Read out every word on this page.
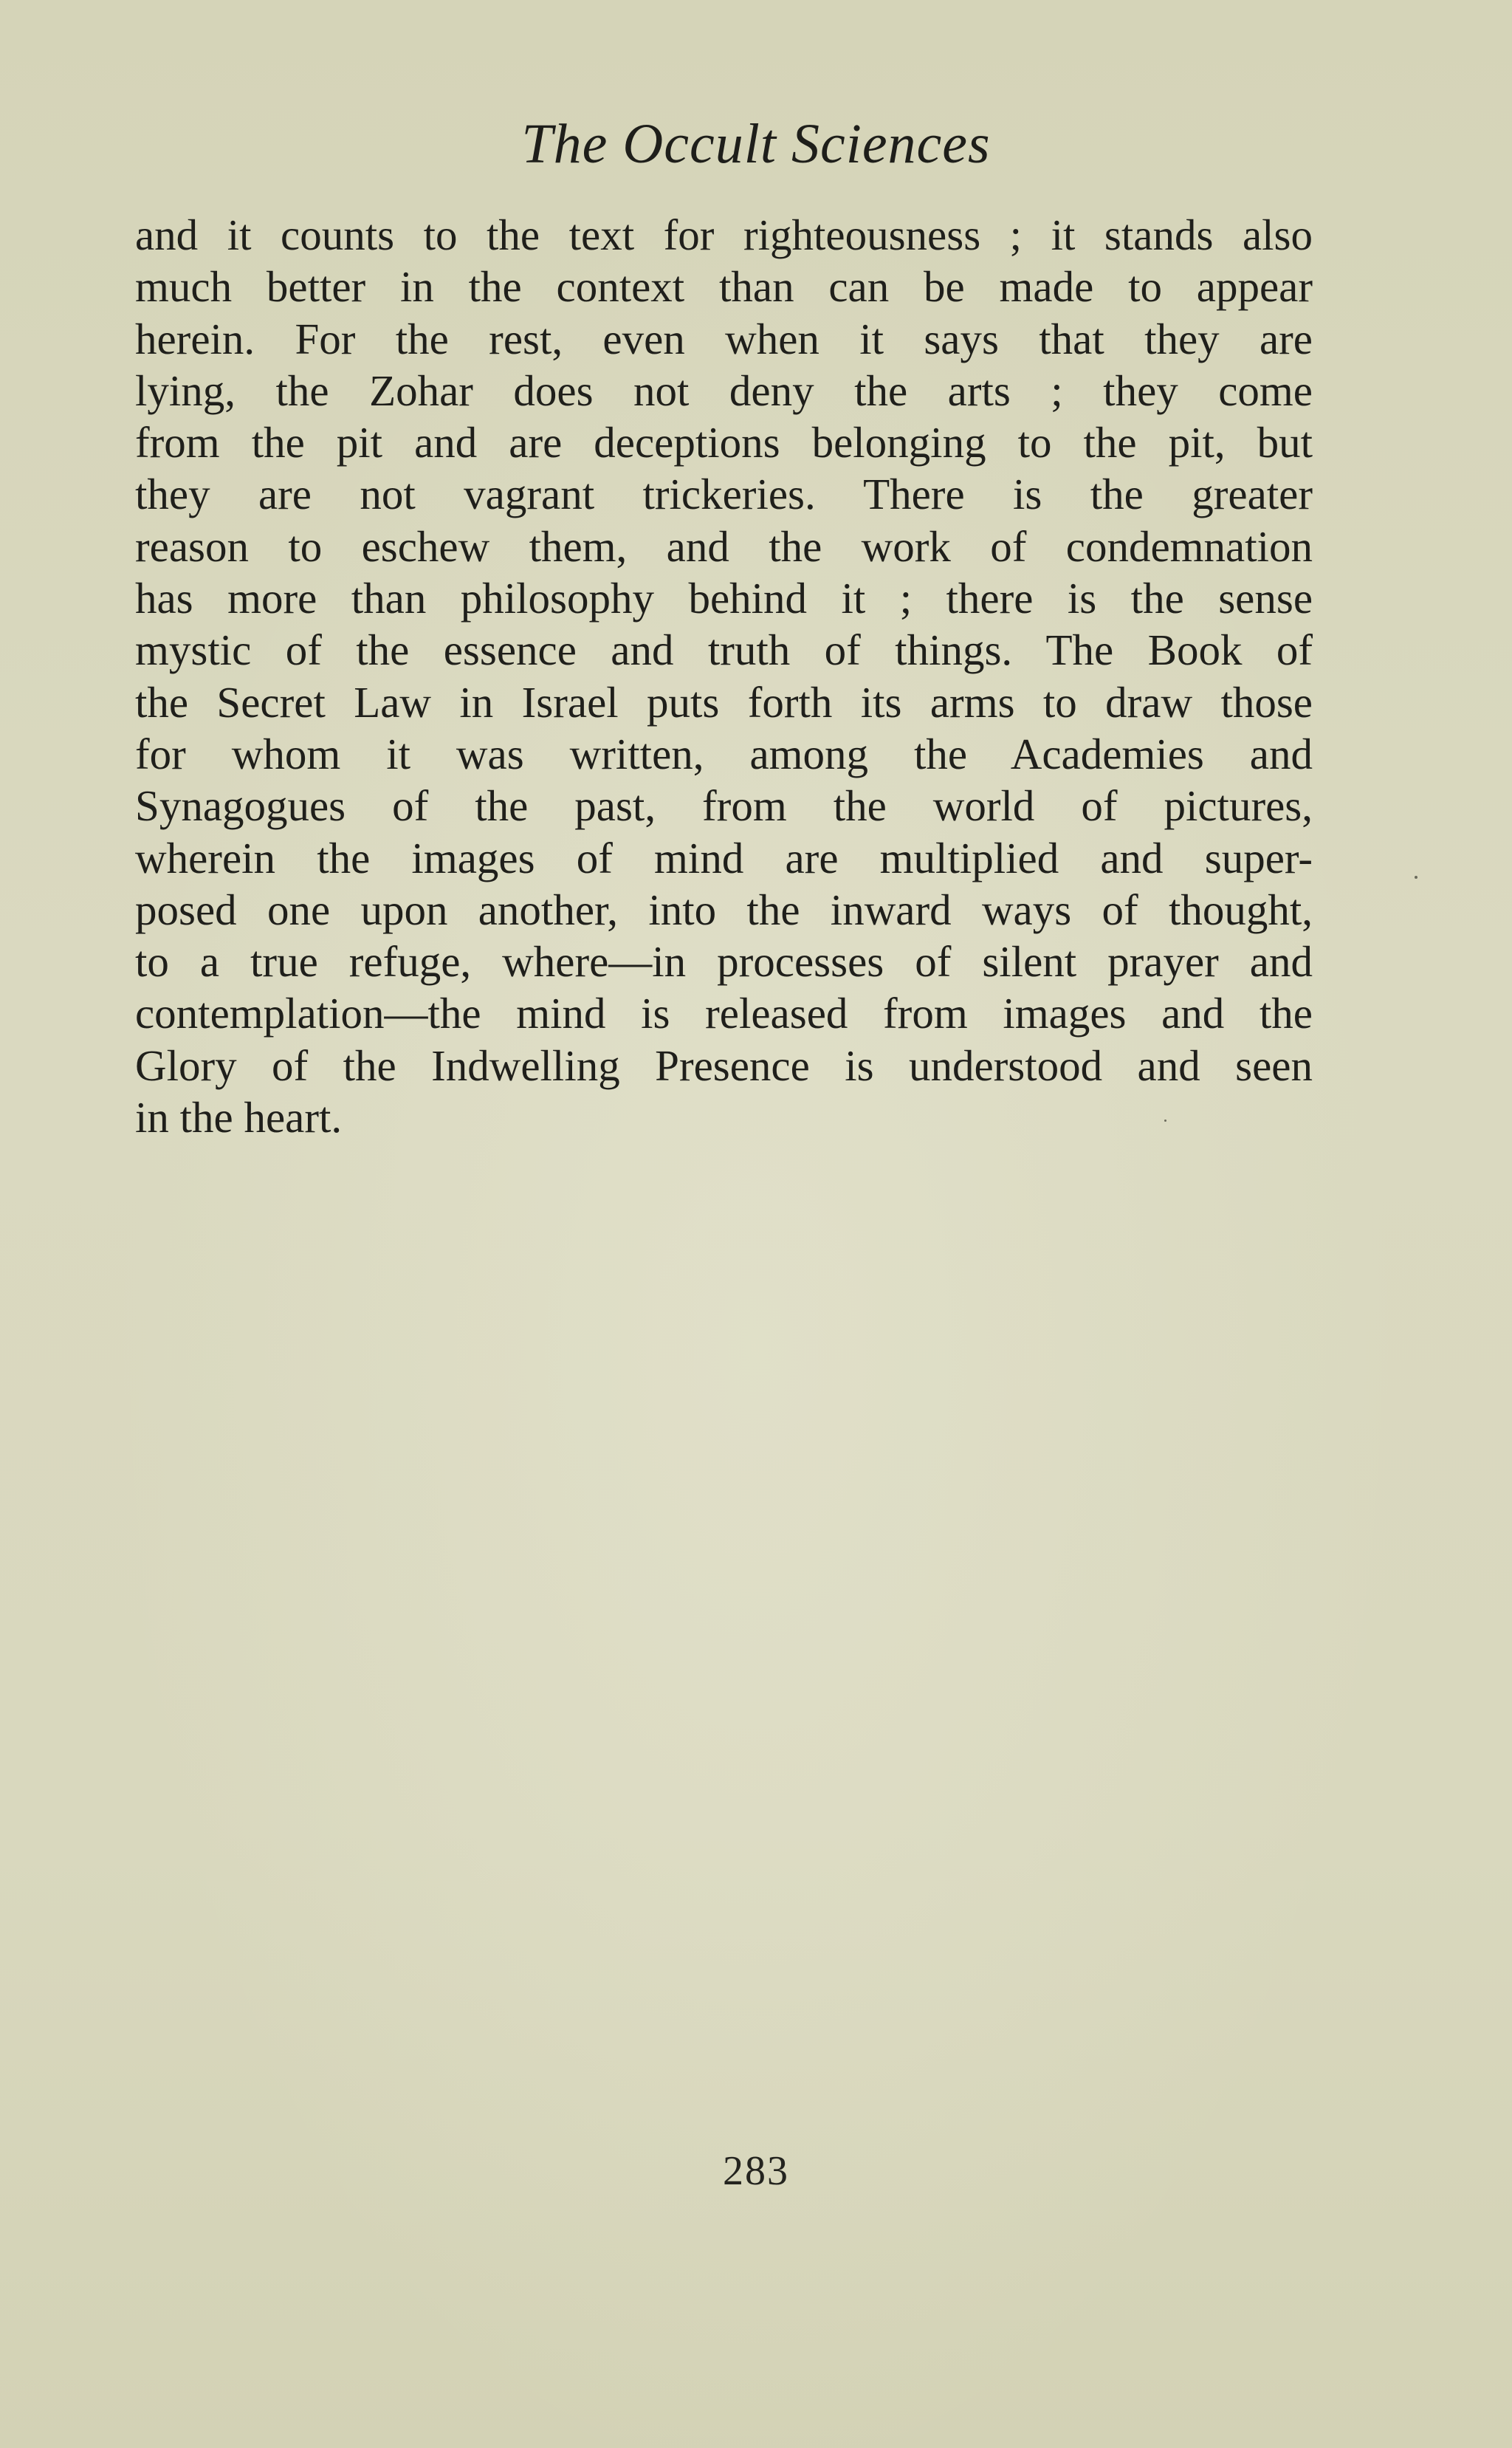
The Occult Sciences
and it counts to the text for righteousness ; it stands also
much better in the context than can be made to appear
herein. For the rest, even when it says that they are
lying, the Zohar does not deny the arts ; they come
from the pit and are deceptions belonging to the pit, but
they are not vagrant trickeries. There is the greater
reason to eschew them, and the work of condemnation
has more than philosophy behind it ; there is the sense
mystic of the essence and truth of things. The Book of
the Secret Law in Israel puts forth its arms to draw those
for whom it was written, among the Academies and
Synagogues of the past, from the world of pictures,
wherein the images of mind are multiplied and super-
posed one upon another, into the inward ways of thought,
to a true refuge, where—in processes of silent prayer and
contemplation—the mind is released from images and the
Glory of the Indwelling Presence is understood and seen
in the heart.
283
